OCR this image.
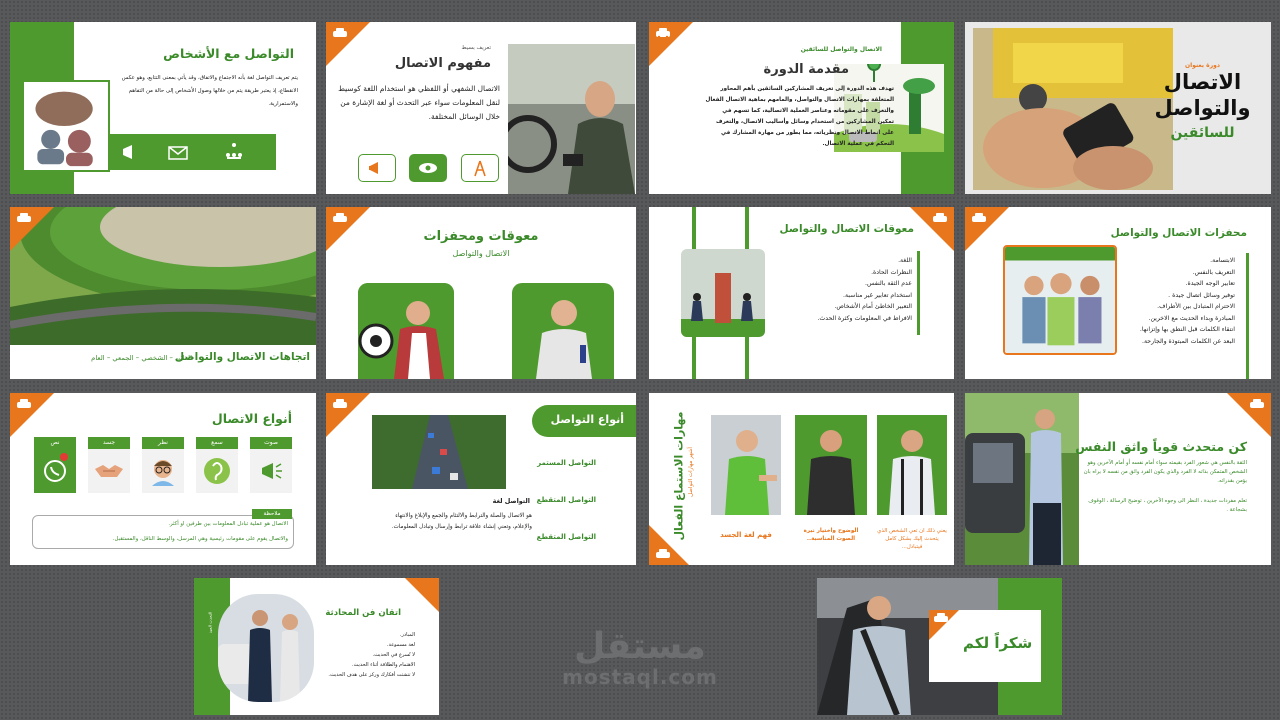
دورة بعنوان
الاتصال
والتواصل
للسائقين
الاتصال والتواصل للسائقين
مقدمة الدورة
تهدف هذه الدورة إلى تعريف المشاركين السائقين بأهم المحاور المتعلقة بمهارات الاتصال والتواصل، والمامهم بماهية الاتصال الفعال والتعرف على مقوماته وعناصر العملية الاتصالية، كما تسهم في تمكين المشاركين من استخدام وسائل وأساليب الاتصال، والتعرف على انماط الاتصال ونظرياته، مما يطور من مهارة المشارك في التحكم في عملية الاتصال.
تعريف بسيط
مفهوم الاتصال
الاتصال الشفهي أو اللفظي هو استخدام اللغة كوسيط لنقل المعلومات سواء عبر التحدث أو لغة الإشارة من خلال الوسائل المختلفة.
التواصل مع الأشخاص
يتم تعريف التواصل لغة بأنه الاجتماع والاتفاق، وقد يأتي بمعنى التتابع، وهو عكس الانقطاع، إذ يعتبر طريقة يتم من خلالها وصول الأشخاص إلى حالة من التفاهم والاستمرارية.
محفزات الاتصال والتواصل
الابتسامة.
التعريف بالنفس.
تعابير الوجه الجيدة.
توفير وسائل اتصال جيدة .
الاحترام المتبادل بين الأطراف.
المبادرة وبداء الحديث مع الاخرين.
انتقاء الكلمات قبل النطق بها وإتزانها.
البعد عن الكلمات المبتوذة والجارحة.
معوقات الاتصال والتواصل
اللغة.
النظرات الحادة.
عدم الثقة بالنفس.
استخدام تعابير غير مناسبة.
التعبير الخاطئ أمام الأشخاص.
الافراط في المعلومات وكثرة الحدث.
معوقات ومحفزات
الاتصال والتواصل
اتجاهات الاتصال والتواصل
الذاتي – الشخصي – الجمعي – العام
كن متحدث قوياً واثق النفس
الثقة بالنفس هي شعور الفرد بقيمته سواء أمام نفسه أو أمام الآخرين وهو الشخص المتمكن بذاته لا الفرد والذي يكون الفرد واثق من نفسه لا يراه بان يؤمن بقدراته.
تعلم مفردات جديدة ، النظر الى وجوه الآخرين ، توضيح الرسالة ، الوقوف بشجاعة .
مهارات الاستماع الفعال أشهر مهارات التواصل
يعني ذلك ان تعي الشخص الذي يتحدث إليك بشكل كامل فيتبادل...
الوضوح واختيار نبرة الصوت المناسبة..
فهم لغة الجسد
أنواع التواصل
التواصل المستمر
التواصل المتقطع
التواصل المتقطع
التواصل لغة
هو الاتصال والصلة والترابط والالتئام والجمع والإبلاغ والانتهاء والإعلام، وتعني إنشاء علاقة ترابط وإرسال وتبادل المعلومات.
أنواع الاتصال
صوت
سمع
نظر
جسد
نص
ملاحظة
الاتصال هو عملية تبادل المعلومات بين طرفين او أكثر.
والاتصال يقوم على مقومات رئيسية وهي المرسل، والوسط الناقل، والمستقبل.
التحدث الجيد	اتقان فن المحادثة
المبادر.
لغة مسموعة.
لا تُسرع في الحديث.
الاهتمام والطلاقة أثناء الحديث.
لا تتشتت أفكارك وركز على هدف الحديث.
مستقل
mostaql.com
شكراً لكم
